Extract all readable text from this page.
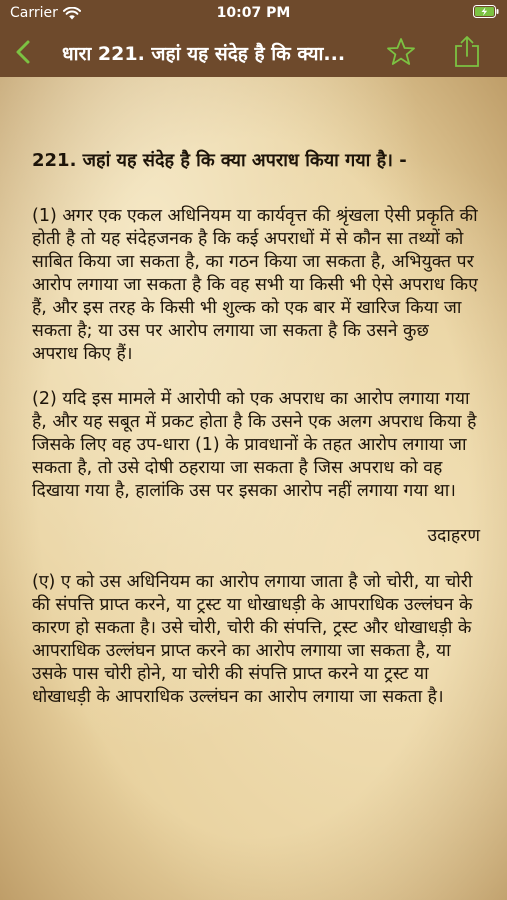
Carrier	10:07 PM
धारा 221. जहां यह संदेह है कि क्या...

221. जहां यह संदेह है कि क्या अपराध किया गया है। -

(1) अगर एक एकल अधिनियम या कार्यवृत्त की श्रृंखला ऐसी प्रकृति की होती है तो यह संदेहजनक है कि कई अपराधों में से कौन सा तथ्यों को साबित किया जा सकता है, का गठन किया जा सकता है, अभियुक्त पर आरोप लगाया जा सकता है कि वह सभी या किसी भी ऐसे अपराध किए हैं, और इस तरह के किसी भी शुल्क को एक बार में खारिज किया जा सकता है; या उस पर आरोप लगाया जा सकता है कि उसने कुछ अपराध किए हैं।

(2) यदि इस मामले में आरोपी को एक अपराध का आरोप लगाया गया है, और यह सबूत में प्रकट होता है कि उसने एक अलग अपराध किया है जिसके लिए वह उप-धारा (1) के प्रावधानों के तहत आरोप लगाया जा सकता है, तो उसे दोषी ठहराया जा सकता है जिस अपराध को वह दिखाया गया है, हालांकि उस पर इसका आरोप नहीं लगाया गया था।

उदाहरण

(ए) ए को उस अधिनियम का आरोप लगाया जाता है जो चोरी, या चोरी की संपत्ति प्राप्त करने, या ट्रस्ट या धोखाधड़ी के आपराधिक उल्लंघन के कारण हो सकता है। उसे चोरी, चोरी की संपत्ति, ट्रस्ट और धोखाधड़ी के आपराधिक उल्लंघन प्राप्त करने का आरोप लगाया जा सकता है, या उसके पास चोरी होने, या चोरी की संपत्ति प्राप्त करने या ट्रस्ट या धोखाधड़ी के आपराधिक उल्लंघन का आरोप लगाया जा सकता है।
